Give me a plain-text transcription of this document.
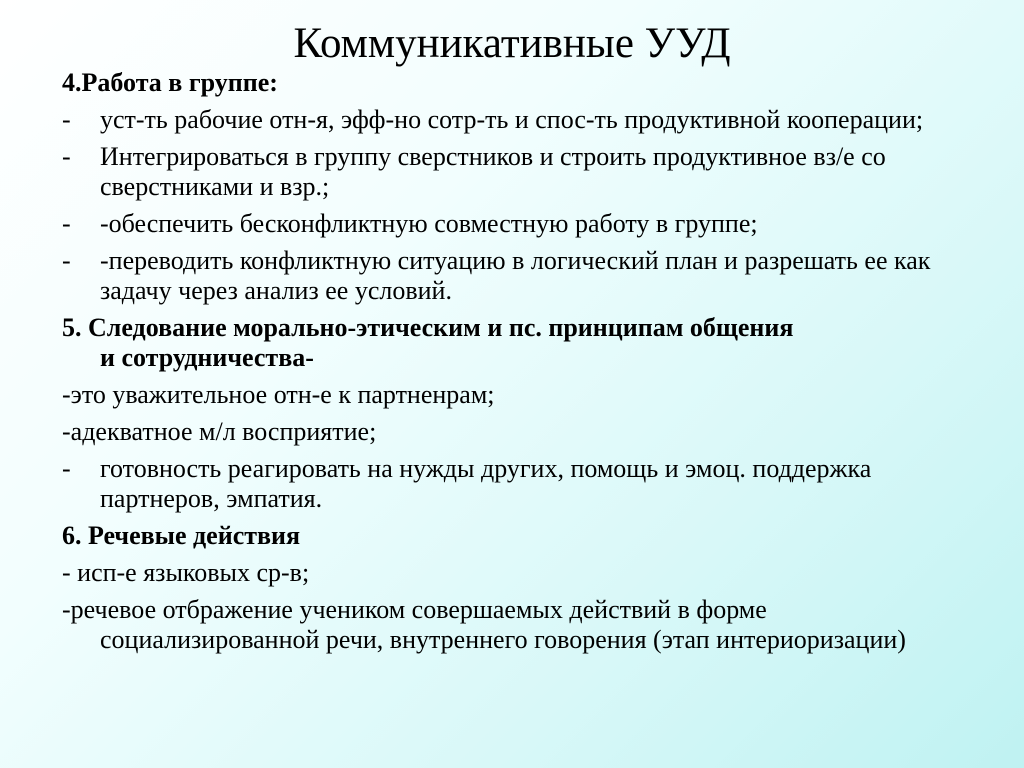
Коммуникативные УУД
4.Работа в группе:
-	уст-ть рабочие отн-я, эфф-но сотр-ть и спос-ть продуктивной кооперации;
-	Интегрироваться в группу сверстников и строить продуктивное вз/е со сверстниками и взр.;
-	-обеспечить бесконфликтную совместную работу в группе;
-	-переводить конфликтную ситуацию в логический план и разрешать ее как задачу через анализ ее условий.
5. Следование морально-этическим и пс. принципам общения
и сотрудничества-
-это уважительное отн-е к партненрам;
-адекватное м/л восприятие;
-	готовность реагировать на нужды других, помощь и эмоц. поддержка партнеров, эмпатия.
6. Речевые действия
- исп-е языковых ср-в;
-речевое отбражение учеником совершаемых действий в форме социализированной речи, внутреннего говорения (этап интериоризации)
